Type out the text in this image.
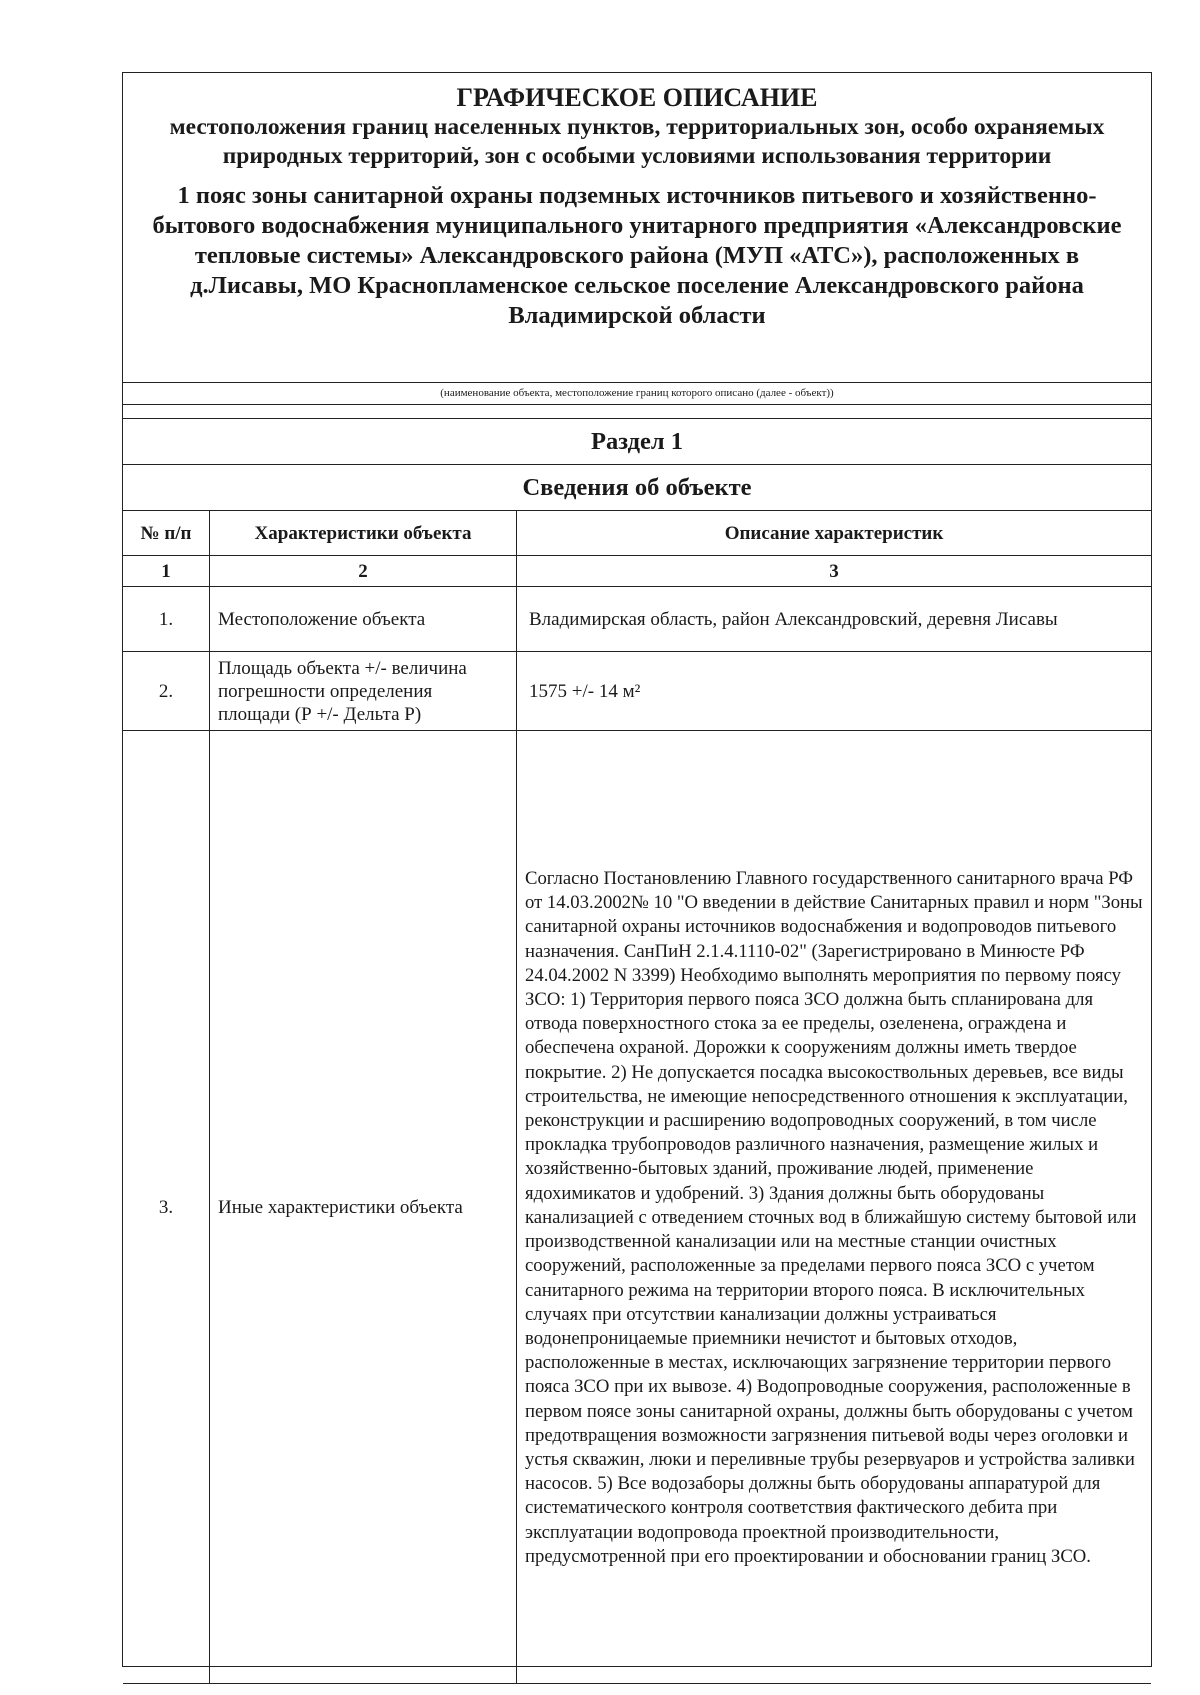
ГРАФИЧЕСКОЕ ОПИСАНИЕ

местоположения границ населенных пунктов, территориальных зон, особо охраняемых природных территорий, зон с особыми условиями использования территории

1 пояс зоны санитарной охраны подземных источников питьевого и хозяйственно-бытового водоснабжения муниципального унитарного предприятия «Александровские тепловые системы» Александровского района (МУП «АТС»), расположенных в д.Лисавы, МО Краснопламенское сельское поселение Александровского района Владимирской области

(наименование объекта, местоположение границ которого описано (далее - объект))
Раздел 1
Сведения об объекте
№ п/п	Характеристики объекта	Описание характеристик
1	2	3
1.	Местоположение объекта	Владимирская область, район Александровский, деревня Лисавы
2.	Площадь объекта +/- величина погрешности определения площади (Р +/- Дельта Р)	1575 +/- 14 м²
3.	Иные характеристики объекта	Согласно Постановлению Главного государственного санитарного врача РФ от 14.03.2002№ 10 "О введении в действие Санитарных правил и норм "Зоны санитарной охраны источников водоснабжения и водопроводов питьевого назначения. СанПиН 2.1.4.1110-02" (Зарегистрировано в Минюсте РФ 24.04.2002 N 3399) Необходимо выполнять мероприятия по первому поясу ЗСО: 1) Территория первого пояса ЗСО должна быть спланирована для отвода поверхностного стока за ее пределы, озеленена, ограждена и обеспечена охраной. Дорожки к сооружениям должны иметь твердое покрытие. 2) Не допускается посадка высокоствольных деревьев, все виды строительства, не имеющие непосредственного отношения к эксплуатации, реконструкции и расширению водопроводных сооружений, в том числе прокладка трубопроводов различного назначения, размещение жилых и хозяйственно-бытовых зданий, проживание людей, применение ядохимикатов и удобрений. 3) Здания должны быть оборудованы канализацией с отведением сточных вод в ближайшую систему бытовой или производственной канализации или на местные станции очистных сооружений, расположенные за пределами первого пояса ЗСО с учетом санитарного режима на территории второго пояса. В исключительных случаях при отсутствии канализации должны устраиваться водонепроницаемые приемники нечистот и бытовых отходов, расположенные в местах, исключающих загрязнение территории первого пояса ЗСО при их вывозе. 4) Водопроводные сооружения, расположенные в первом поясе зоны санитарной охраны, должны быть оборудованы с учетом предотвращения возможности загрязнения питьевой воды через оголовки и устья скважин, люки и переливные трубы резервуаров и устройства заливки насосов. 5) Все водозаборы должны быть оборудованы аппаратурой для систематического контроля соответствия фактического дебита при эксплуатации водопровода проектной производительности, предусмотренной при его проектировании и обосновании границ ЗСО.
